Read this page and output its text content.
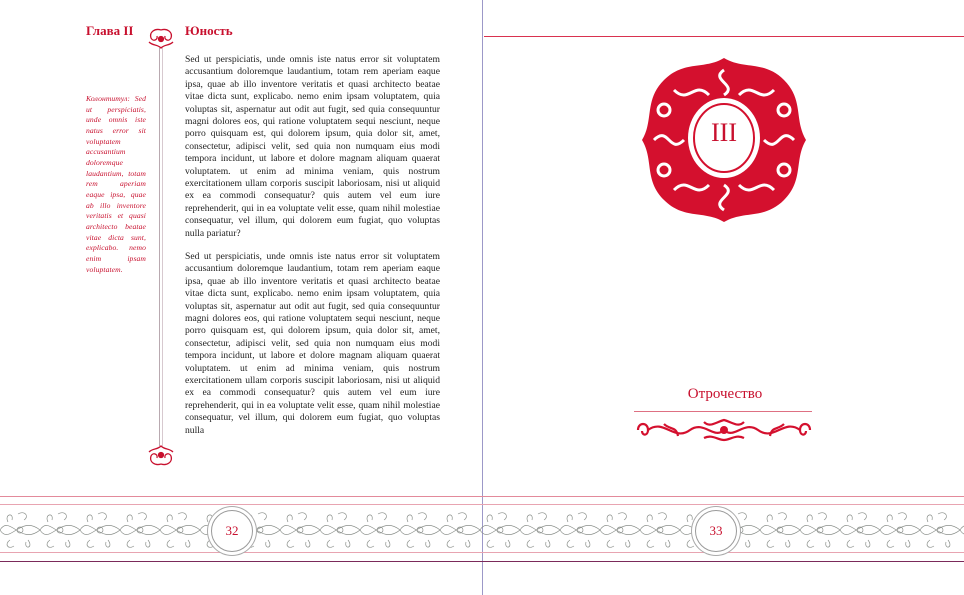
Глава II	Юность
Колонтитул: Sed ut perspiciatis, unde omnis iste natus error sit voluptatem accusantium doloremque laudantium, totam rem aperiam eaque ipsa, quae ab illo inventore veritatis et quasi architecto beatae vitae dicta sunt, explicabo. nemo enim ipsam voluptatem.
Sed ut perspiciatis, unde omnis iste natus error sit voluptatem accusantium doloremque laudantium, totam rem aperiam eaque ipsa, quae ab illo inventore veritatis et quasi architecto beatae vitae dicta sunt, explicabo. nemo enim ipsam voluptatem, quia voluptas sit, aspernatur aut odit aut fugit, sed quia consequuntur magni dolores eos, qui ratione voluptatem sequi nesciunt, neque porro quisquam est, qui dolorem ipsum, quia dolor sit, amet, consectetur, adipisci velit, sed quia non numquam eius modi tempora incidunt, ut labore et dolore magnam aliquam quaerat voluptatem. ut enim ad minima veniam, quis nostrum exercitationem ullam corporis suscipit laboriosam, nisi ut aliquid ex ea commodi consequatur? quis autem vel eum iure reprehenderit, qui in ea voluptate velit esse, quam nihil molestiae consequatur, vel illum, qui dolorem eum fugiat, quo voluptas nulla pariatur?
Sed ut perspiciatis, unde omnis iste natus error sit voluptatem accusantium doloremque laudantium, totam rem aperiam eaque ipsa, quae ab illo inventore veritatis et quasi architecto beatae vitae dicta sunt, explicabo. nemo enim ipsam voluptatem, quia voluptas sit, aspernatur aut odit aut fugit, sed quia consequuntur magni dolores eos, qui ratione voluptatem sequi nesciunt, neque porro quisquam est, qui dolorem ipsum, quia dolor sit, amet, consectetur, adipisci velit, sed quia non numquam eius modi tempora incidunt, ut labore et dolore magnam aliquam quaerat voluptatem. ut enim ad minima veniam, quis nostrum exercitationem ullam corporis suscipit laboriosam, nisi ut aliquid ex ea commodi consequatur? quis autem vel eum iure reprehenderit, qui in ea voluptate velit esse, quam nihil molestiae consequatur, vel illum, qui dolorem eum fugiat, quo voluptas nulla
III
Отрочество
32	33
